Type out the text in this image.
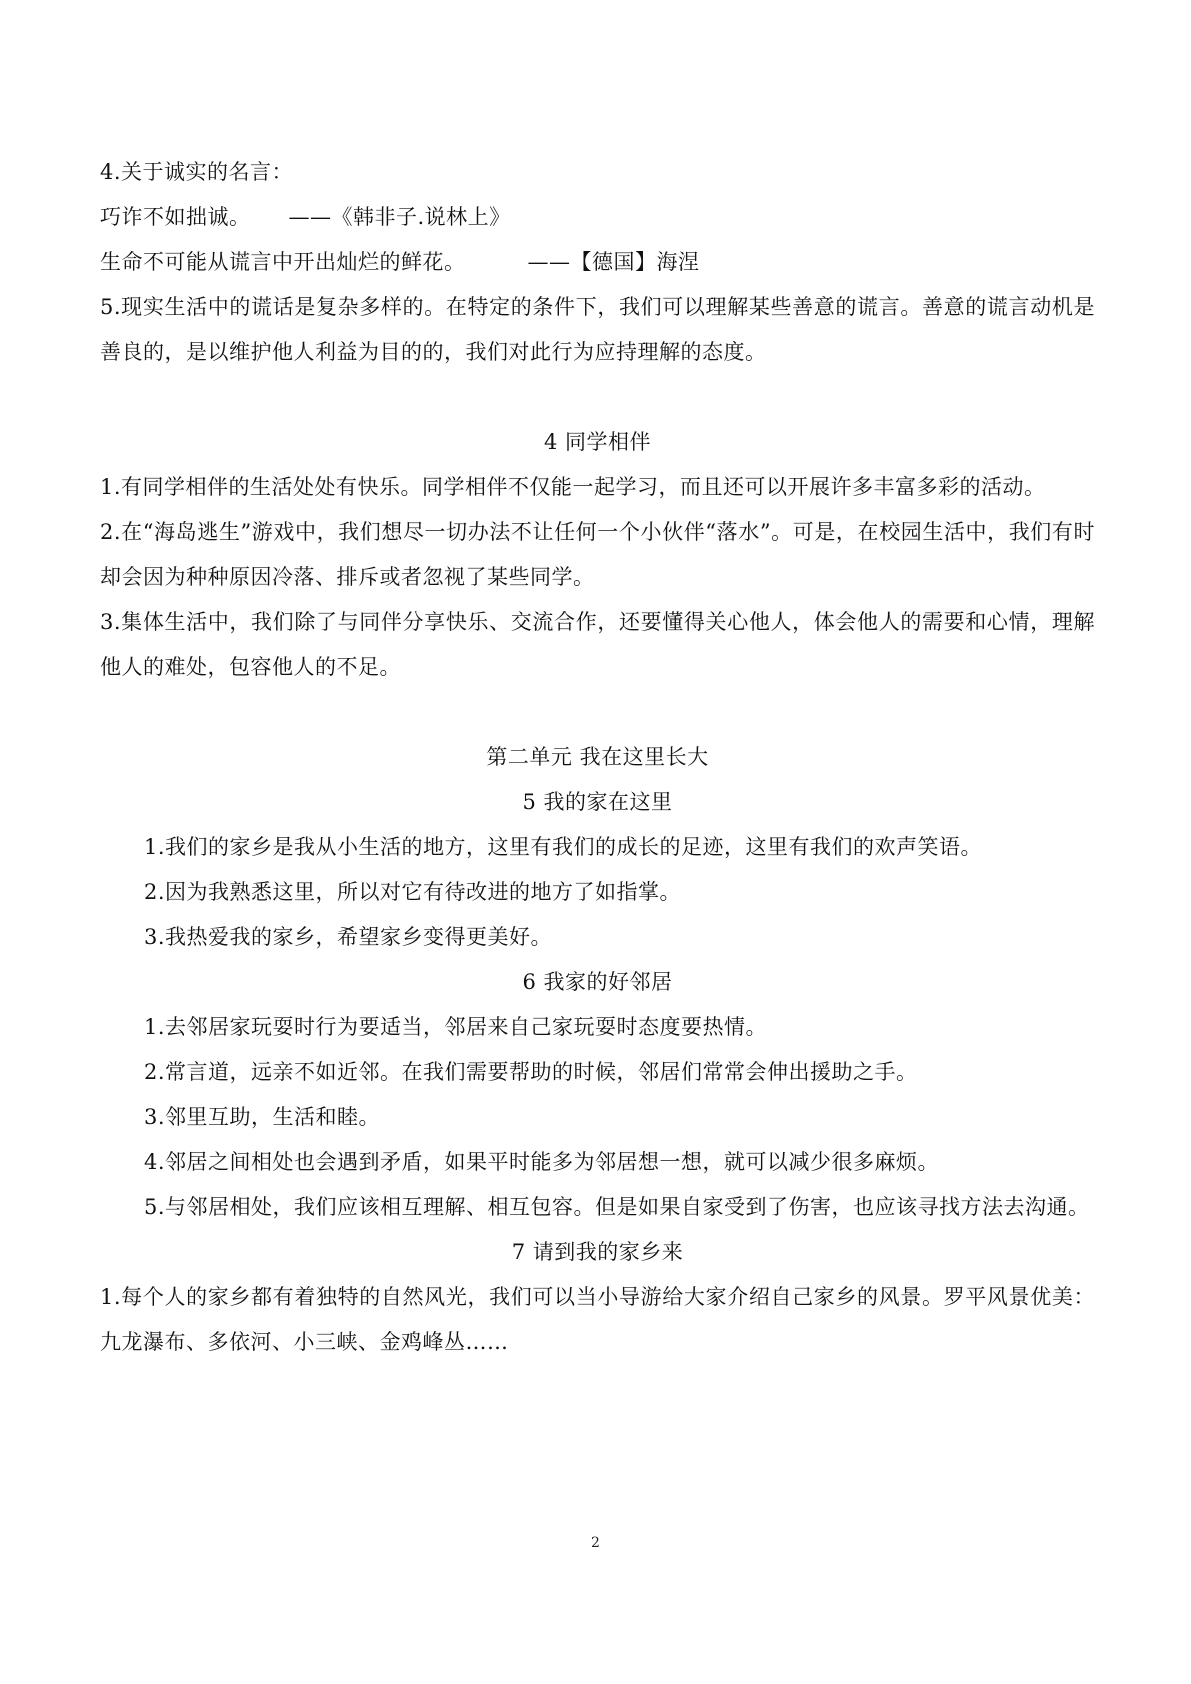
4.关于诚实的名言：

巧诈不如拙诚。 ——《韩非子.说林上》

生命不可能从谎言中开出灿烂的鲜花。	——【德国】海涅

5.现实生活中的谎话是复杂多样的。在特定的条件下，我们可以理解某些善意的谎言。善意的谎言动机是善良的，是以维护他人利益为目的的，我们对此行为应持理解的态度。

4 同学相伴

1.有同学相伴的生活处处有快乐。同学相伴不仅能一起学习，而且还可以开展许多丰富多彩的活动。

2.在“海岛逃生”游戏中，我们想尽一切办法不让任何一个小伙伴“落水”。可是，在校园生活中，我们有时却会因为种种原因冷落、排斥或者忽视了某些同学。

3.集体生活中，我们除了与同伴分享快乐、交流合作，还要懂得关心他人，体会他人的需要和心情，理解他人的难处，包容他人的不足。

第二单元 我在这里长大

5 我的家在这里

1.我们的家乡是我从小生活的地方，这里有我们的成长的足迹，这里有我们的欢声笑语。

2.因为我熟悉这里，所以对它有待改进的地方了如指掌。

3.我热爱我的家乡，希望家乡变得更美好。

6 我家的好邻居

1.去邻居家玩耍时行为要适当，邻居来自己家玩耍时态度要热情。

2.常言道，远亲不如近邻。在我们需要帮助的时候，邻居们常常会伸出援助之手。

3.邻里互助，生活和睦。

4.邻居之间相处也会遇到矛盾，如果平时能多为邻居想一想，就可以减少很多麻烦。

5.与邻居相处，我们应该相互理解、相互包容。但是如果自家受到了伤害，也应该寻找方法去沟通。

7 请到我的家乡来

1.每个人的家乡都有着独特的自然风光，我们可以当小导游给大家介绍自己家乡的风景。罗平风景优美：九龙瀑布、多依河、小三峡、金鸡峰丛……

2
